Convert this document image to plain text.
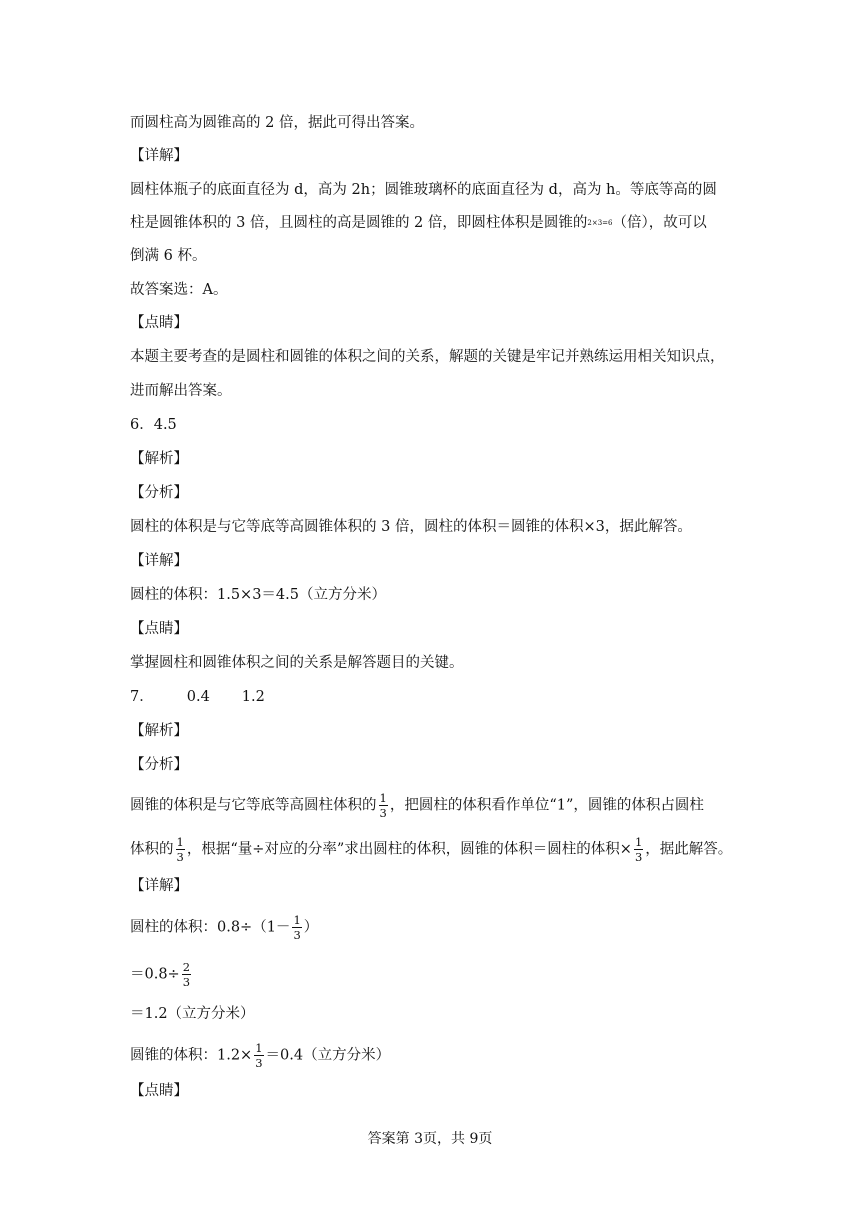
而圆柱高为圆锥高的 2 倍，据此可得出答案。
【详解】
圆柱体瓶子的底面直径为 d，高为 2h；圆锥玻璃杯的底面直径为 d，高为 h。等底等高的圆
柱是圆锥体积的 3 倍，且圆柱的高是圆锥的 2 倍，即圆柱体积是圆锥的2×3=6（倍），故可以
倒满 6 杯。
故答案选：A。
【点睛】
本题主要考查的是圆柱和圆锥的体积之间的关系，解题的关键是牢记并熟练运用相关知识点，
进而解出答案。
6．4.5
【解析】
【分析】
圆柱的体积是与它等底等高圆锥体积的 3 倍，圆柱的体积＝圆锥的体积×3，据此解答。
【详解】
圆柱的体积：1.5×3＝4.5（立方分米）
【点睛】
掌握圆柱和圆锥体积之间的关系是解答题目的关键。
7． 0.4 1.2
【解析】
【分析】
圆锥的体积是与它等底等高圆柱体积的 $\frac{1}{3}$ ，把圆柱的体积看作单位“1”，圆锥的体积占圆柱
体积的 $\frac{1}{3}$ ，根据“量÷对应的分率”求出圆柱的体积，圆锥的体积＝圆柱的体积× $\frac{1}{3}$ ，据此解答。
【详解】
圆柱的体积：$0.8\div(1- \frac{1}{3}$ ）
$=0.8\div \frac{2}{3}$
＝1.2（立方分米）
圆锥的体积：$1.2\times \frac{1}{3} =0.4$（立方分米）
【点睛】
答案第 3页，共 9页
